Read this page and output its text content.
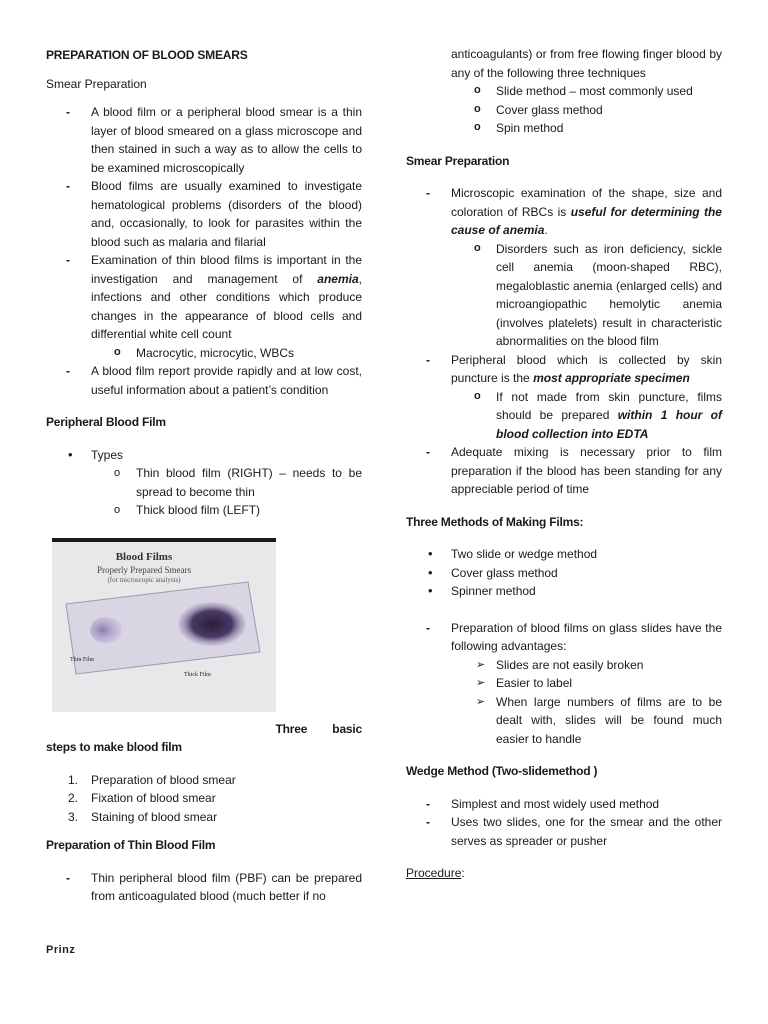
PREPARATION OF BLOOD SMEARS

Smear Preparation

- A blood film or a peripheral blood smear is a thin layer of blood smeared on a glass microscope and then stained in such a way as to allow the cells to be examined microscopically

- Blood films are usually examined to investigate hematological problems (disorders of the blood) and, occasionally, to look for parasites within the blood such as malaria and filarial

- Examination of thin blood films is important in the investigation and management of anemia, infections and other conditions which produce changes in the appearance of blood cells and differential white cell count

o Macrocytic, microcytic, WBCs

- A blood film report provide rapidly and at low cost, useful information about a patient’s condition

Peripheral Blood Film

• Types

o Thin blood film (RIGHT) – needs to be spread to become thin

o Thick blood film (LEFT)

Blood Films
Properly Prepared Smears
(for microscopic analysis)
Thin Film
Thick Film

Three basic

steps to make blood film

1. Preparation of blood smear

2. Fixation of blood smear

3. Staining of blood smear

Preparation of Thin Blood Film

- Thin peripheral blood film (PBF) can be prepared from anticoagulated blood (much better if no

anticoagulants) or from free flowing finger blood by any of the following three techniques

o Slide method – most commonly used

o Cover glass method

o Spin method

Smear Preparation

- Microscopic examination of the shape, size and coloration of RBCs is useful for determining the cause of anemia.

o Disorders such as iron deficiency, sickle cell anemia (moon-shaped RBC), megaloblastic anemia (enlarged cells) and microangiopathic hemolytic anemia (involves platelets) result in characteristic abnormalities on the blood film

- Peripheral blood which is collected by skin puncture is the most appropriate specimen

o If not made from skin puncture, films should be prepared within 1 hour of blood collection into EDTA

- Adequate mixing is necessary prior to film preparation if the blood has been standing for any appreciable period of time

Three Methods of Making Films:

• Two slide or wedge method

• Cover glass method

• Spinner method

- Preparation of blood films on glass slides have the following advantages:

➢ Slides are not easily broken

➢ Easier to label

➢ When large numbers of films are to be dealt with, slides will be found much easier to handle

Wedge Method (Two-slidemethod )

- Simplest and most widely used method

- Uses two slides, one for the smear and the other serves as spreader or pusher

Procedure:

Prinz
